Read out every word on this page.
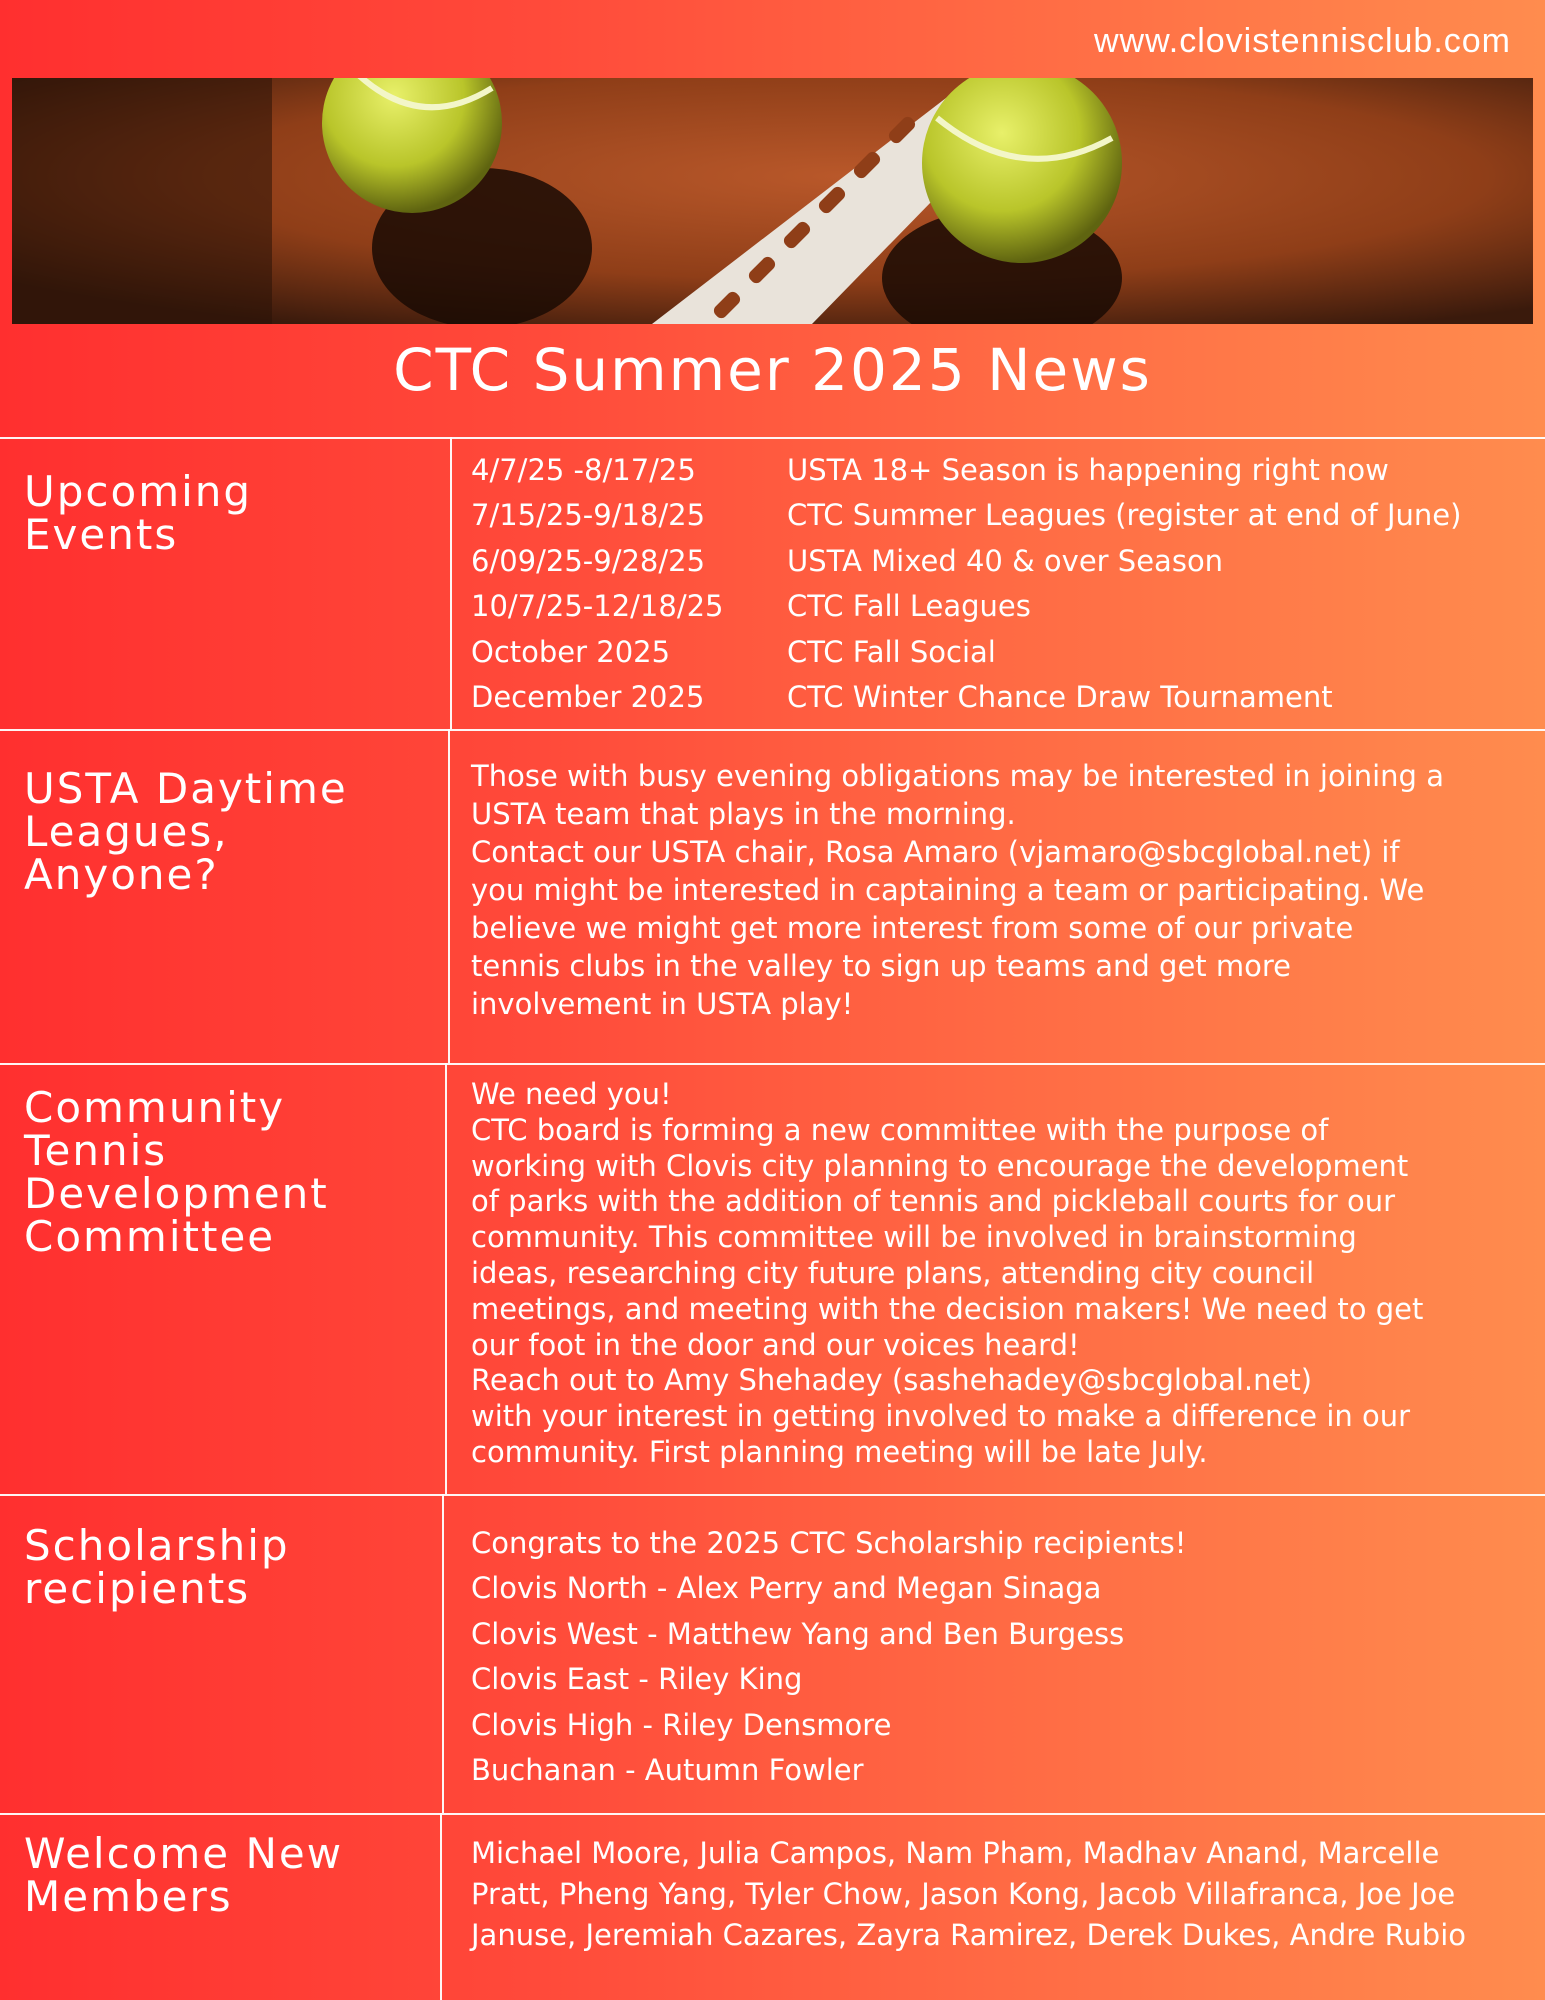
www.clovistennisclub.com
CTC Summer 2025 News
Upcoming
Events
4/7/25 -8/17/25	USTA 18+ Season is happening right now
7/15/25-9/18/25	CTC Summer Leagues (register at end of June)
6/09/25-9/28/25	USTA Mixed 40 & over Season
10/7/25-12/18/25	CTC Fall Leagues
October 2025	CTC Fall Social
December 2025	CTC Winter Chance Draw Tournament
USTA Daytime
Leagues,
Anyone?

Those with busy evening obligations may be interested in joining a

USTA team that plays in the morning.

Contact our USTA chair, Rosa Amaro (vjamaro@sbcglobal.net) if

you might be interested in captaining a team or participating. We

believe we might get more interest from some of our private

tennis clubs in the valley to sign up teams and get more

involvement in USTA play!

Community
Tennis
Development
Committee

We need you!

CTC board is forming a new committee with the purpose of

working with Clovis city planning to encourage the development

of parks with the addition of tennis and pickleball courts for our

community. This committee will be involved in brainstorming

ideas, researching city future plans, attending city council

meetings, and meeting with the decision makers! We need to get

our foot in the door and our voices heard!

Reach out to Amy Shehadey (sashehadey@sbcglobal.net)

with your interest in getting involved to make a difference in our

community. First planning meeting will be late July.

Scholarship
recipients
Congrats to the 2025 CTC Scholarship recipients!
Clovis North - Alex Perry and Megan Sinaga
Clovis West - Matthew Yang and Ben Burgess
Clovis East - Riley King
Clovis High - Riley Densmore
Buchanan - Autumn Fowler
Welcome New
Members

Michael Moore, Julia Campos, Nam Pham, Madhav Anand, Marcelle

Pratt, Pheng Yang, Tyler Chow, Jason Kong, Jacob Villafranca, Joe Joe

Januse, Jeremiah Cazares, Zayra Ramirez, Derek Dukes, Andre Rubio
